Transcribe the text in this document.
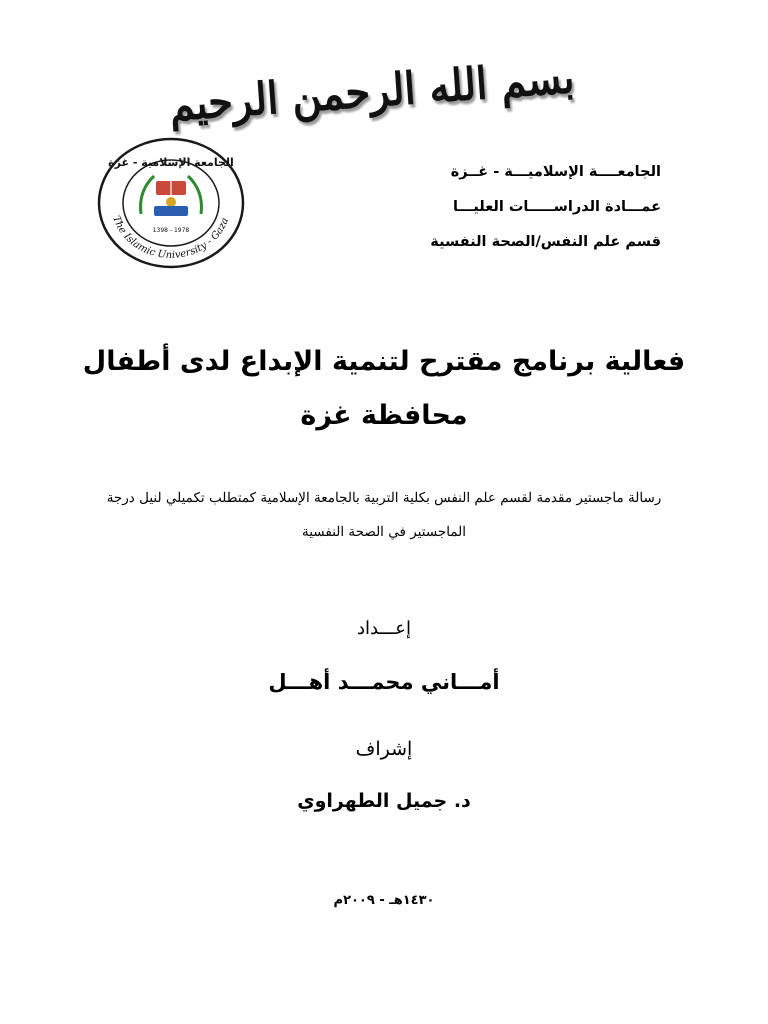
بسم الله الرحمن الرحيم
1398 - 1978
The Islamic University - Gaza
الجامعة الإسلامية - غزة

الجامعــــة الإسلاميـــة - غــزة

عمـــادة الدراســـــات العليـــا

قسم علم النفس/الصحة النفسية

فعالية برنامج مقترح لتنمية الإبداع لدى أطفال
محافظة غزة
رسالة ماجستير مقدمة لقسم علم النفس بكلية التربية بالجامعة الإسلامية كمتطلب تكميلي لنيل درجة
الماجستير في الصحة النفسية
إعـــداد
أمـــاني محمـــد أهـــل
إشراف
د. جميل الطهراوي
١٤٣٠هـ - ٢٠٠٩م
